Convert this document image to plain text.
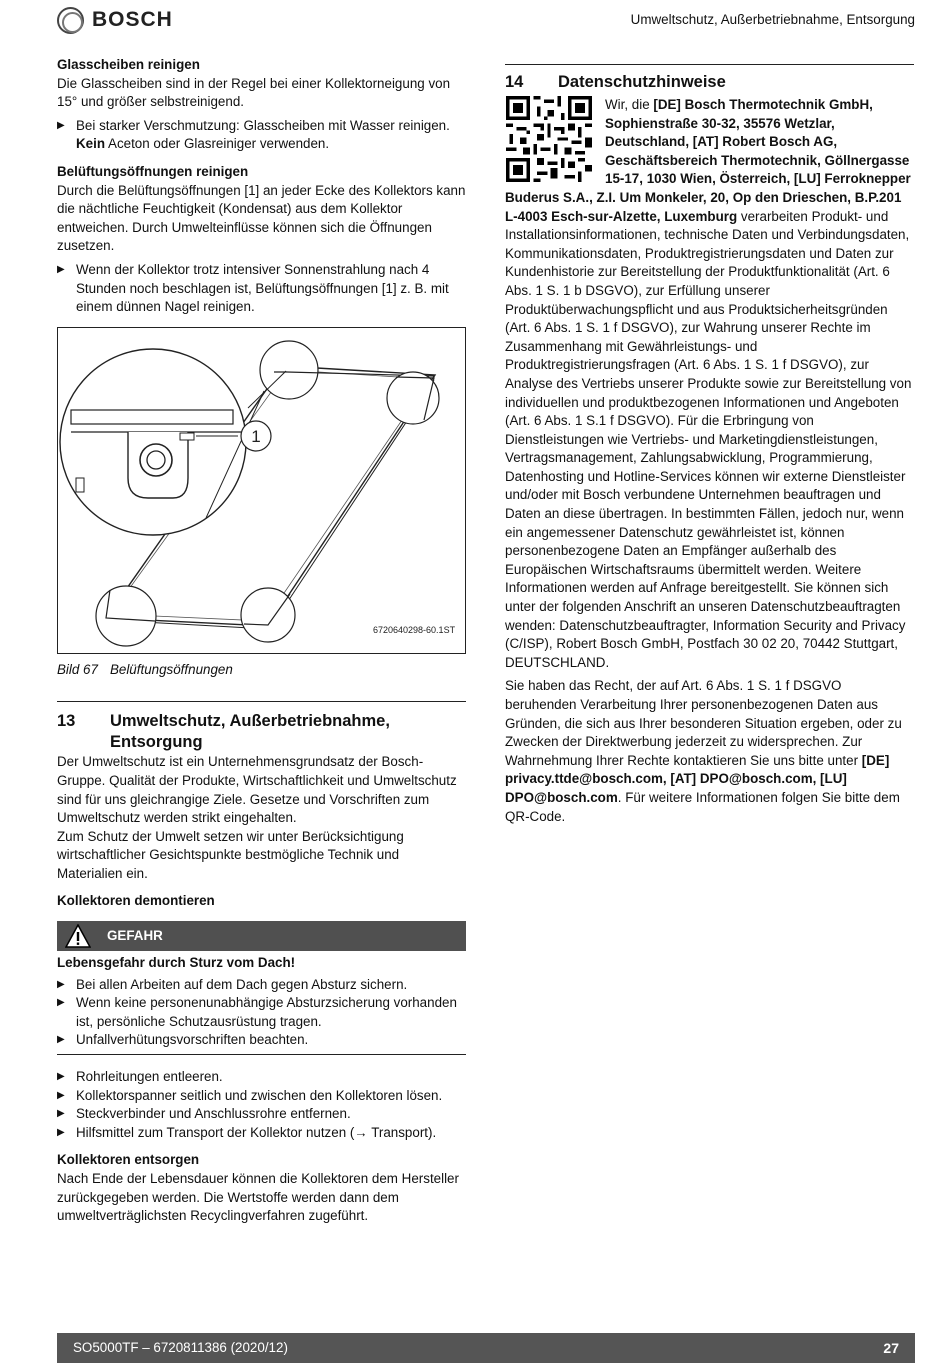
BOSCH	Umweltschutz, Außerbetriebnahme, Entsorgung
Glasscheiben reinigen

Die Glasscheiben sind in der Regel bei einer Kollektorneigung von 15° und größer selbstreinigend.

▶ Bei starker Verschmutzung: Glasscheiben mit Wasser reinigen. Kein Aceton oder Glasreiniger verwenden.
Belüftungsöffnungen reinigen

Durch die Belüftungsöffnungen [1] an jeder Ecke des Kollektors kann die nächtliche Feuchtigkeit (Kondensat) aus dem Kollektor entweichen. Durch Umwelteinflüsse können sich die Öffnungen zusetzen.

▶ Wenn der Kollektor trotz intensiver Sonnenstrahlung nach 4 Stunden noch beschlagen ist, Belüftungsöffnungen [1] z. B. mit einem dünnen Nagel reinigen.
1
6720640298-60.1ST
Bild 67 Belüftungsöffnungen
13	Umweltschutz, Außerbetriebnahme, Entsorgung

Der Umweltschutz ist ein Unternehmensgrundsatz der Bosch-Gruppe. Qualität der Produkte, Wirtschaftlichkeit und Umweltschutz sind für uns gleichrangige Ziele. Gesetze und Vorschriften zum Umweltschutz werden strikt eingehalten.

Zum Schutz der Umwelt setzen wir unter Berücksichtigung wirtschaftlicher Gesichtspunkte bestmögliche Technik und Materialien ein.

Kollektoren demontieren
GEFAHR
Lebensgefahr durch Sturz vom Dach!
▶ Bei allen Arbeiten auf dem Dach gegen Absturz sichern.
▶ Wenn keine personenunabhängige Absturzsicherung vorhanden ist, persönliche Schutzausrüstung tragen.
▶ Unfallverhütungsvorschriften beachten.
▶ Rohrleitungen entleeren.
▶ Kollektorspanner seitlich und zwischen den Kollektoren lösen.
▶ Steckverbinder und Anschlussrohre entfernen.
▶ Hilfsmittel zum Transport der Kollektor nutzen (→ Transport).
Kollektoren entsorgen

Nach Ende der Lebensdauer können die Kollektoren dem Hersteller zurückgegeben werden. Die Wertstoffe werden dann dem umweltverträglichsten Recyclingverfahren zugeführt.

14	Datenschutzhinweise

Wir, die [DE] Bosch Thermotechnik GmbH, Sophienstraße 30-32, 35576 Wetzlar, Deutschland, [AT] Robert Bosch AG, Geschäftsbereich Thermotechnik, Göllnergasse 15-17, 1030 Wien, Österreich, [LU] Ferroknepper Buderus S.A., Z.I. Um Monkeler, 20, Op den Drieschen, B.P.201 L-4003 Esch-sur-Alzette, Luxemburg verarbeiten Produkt- und Installationsinformationen, technische Daten und Verbindungsdaten, Kommunikationsdaten, Produktregistrierungsdaten und Daten zur Kundenhistorie zur Bereitstellung der Produktfunktionalität (Art. 6 Abs. 1 S. 1 b DSGVO), zur Erfüllung unserer Produktüberwachungspflicht und aus Produktsicherheitsgründen (Art. 6 Abs. 1 S. 1 f DSGVO), zur Wahrung unserer Rechte im Zusammenhang mit Gewährleistungs- und Produktregistrierungsfragen (Art. 6 Abs. 1 S. 1 f DSGVO), zur Analyse des Vertriebs unserer Produkte sowie zur Bereitstellung von individuellen und produktbezogenen Informationen und Angeboten (Art. 6 Abs. 1 S.1 f DSGVO). Für die Erbringung von Dienstleistungen wie Vertriebs- und Marketingdienstleistungen, Vertragsmanagement, Zahlungsabwicklung, Programmierung, Datenhosting und Hotline-Services können wir externe Dienstleister und/oder mit Bosch verbundene Unternehmen beauftragen und Daten an diese übertragen. In bestimmten Fällen, jedoch nur, wenn ein angemessener Datenschutz gewährleistet ist, können personenbezogene Daten an Empfänger außerhalb des Europäischen Wirtschaftsraums übermittelt werden. Weitere Informationen werden auf Anfrage bereitgestellt. Sie können sich unter der folgenden Anschrift an unseren Datenschutzbeauftragten wenden: Datenschutzbeauftragter, Information Security and Privacy (C/ISP), Robert Bosch GmbH, Postfach 30 02 20, 70442 Stuttgart, DEUTSCHLAND.

Sie haben das Recht, der auf Art. 6 Abs. 1 S. 1 f DSGVO beruhenden Verarbeitung Ihrer personenbezogenen Daten aus Gründen, die sich aus Ihrer besonderen Situation ergeben, oder zu Zwecken der Direktwerbung jederzeit zu widersprechen. Zur Wahrnehmung Ihrer Rechte kontaktieren Sie uns bitte unter [DE] privacy.ttde@bosch.com, [AT] DPO@bosch.com, [LU] DPO@bosch.com. Für weitere Informationen folgen Sie bitte dem QR-Code.

SO5000TF – 6720811386 (2020/12)	27
